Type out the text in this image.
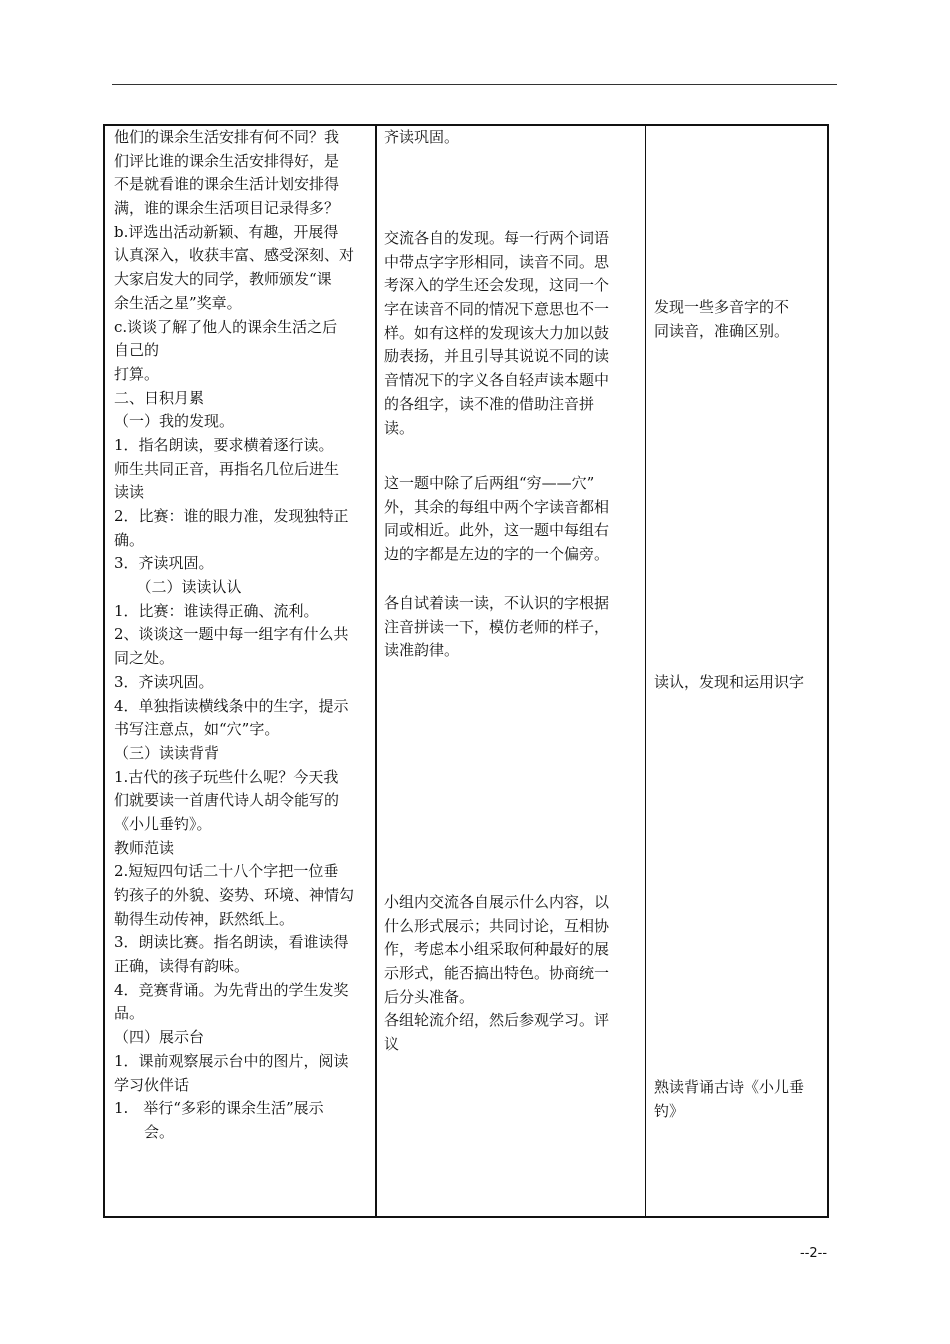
他们的课余生活安排有何不同？我
们评比谁的课余生活安排得好，是
不是就看谁的课余生活计划安排得
满，谁的课余生活项目记录得多？
b.评选出活动新颖、有趣，开展得
认真深入，收获丰富、感受深刻、对
大家启发大的同学，教师颁发“课
余生活之星”奖章。
c.谈谈了解了他人的课余生活之后
自己的
打算。
二、日积月累
（一）我的发现。
1．指名朗读，要求横着逐行读。
师生共同正音，再指名几位后进生
读读
2．比赛：谁的眼力准，发现独特正
确。
3．齐读巩固。
　　（二）读读认认
1．比赛：谁读得正确、流利。
2、谈谈这一题中每一组字有什么共
同之处。
3．齐读巩固。
4．单独指读横线条中的生字，提示
书写注意点，如“穴”字。
（三）读读背背
1.古代的孩子玩些什么呢？今天我
们就要读一首唐代诗人胡令能写的
《小儿垂钓》。
教师范读
2.短短四句话二十八个字把一位垂
钓孩子的外貌、姿势、环境、神情勾
勒得生动传神，跃然纸上。
3．朗读比赛。指名朗读，看谁读得
正确，读得有韵味。
4．竞赛背诵。为先背出的学生发奖
品。
（四）展示台
1．课前观察展示台中的图片，阅读
学习伙伴话
1.　举行“多彩的课余生活”展示
　　会。
齐读巩固。
交流各自的发现。每一行两个词语
中带点字字形相同，读音不同。思
考深入的学生还会发现，这同一个
字在读音不同的情况下意思也不一
样。如有这样的发现该大力加以鼓
励表扬，并且引导其说说不同的读
音情况下的字义各自轻声读本题中
的各组字，读不准的借助注音拼
读。
这一题中除了后两组“穷——穴”
外，其余的每组中两个字读音都相
同或相近。此外，这一题中每组右
边的字都是左边的字的一个偏旁。
各自试着读一读，不认识的字根据
注音拼读一下，模仿老师的样子，
读准韵律。
小组内交流各自展示什么内容，以
什么形式展示；共同讨论，互相协
作，考虑本小组采取何种最好的展
示形式，能否搞出特色。协商统一
后分头准备。
各组轮流介绍，然后参观学习。评
议
发现一些多音字的不
同读音，准确区别。
读认，发现和运用识字
熟读背诵古诗《小儿垂
钓》
--2--
